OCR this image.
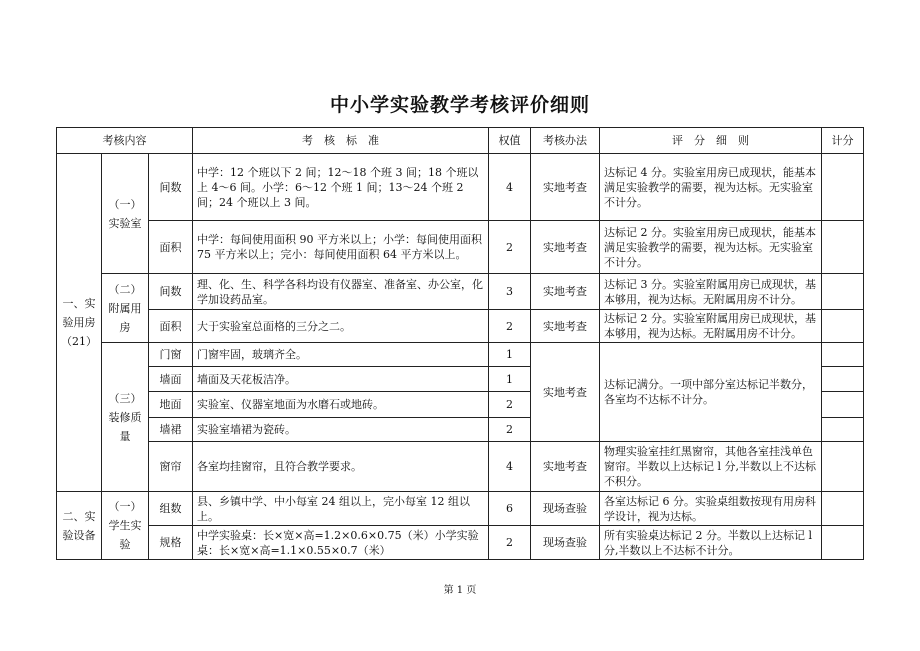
中小学实验教学考核评价细则
考核内容			考　核　标　准	权值	考核办法	评　分　细　则	计分
一、实验用房（21）	（一）实验室	间数	中学：12 个班以下 2 间；12～18 个班 3 间；18 个班以上 4～6 间。小学：6～12 个班 1 间；13～24 个班 2 间；24 个班以上 3 间。	4	实地考查	达标记 4 分。实验室用房已成现状，能基本满足实验教学的需要，视为达标。无实验室不计分。	
		面积	中学：每间使用面积 90 平方米以上；小学：每间使用面积 75 平方米以上；完小：每间使用面积 64 平方米以上。	2	实地考查	达标记 2 分。实验室用房已成现状，能基本满足实验教学的需要，视为达标。无实验室不计分。	
	（二）附属用房	间数	理、化、生、科学各科均设有仪器室、准备室、办公室，化学加设药品室。	3	实地考查	达标记 3 分。实验室附属用房已成现状，基本够用，视为达标。无附属用房不计分。	
		面积	大于实验室总面格的三分之二。	2	实地考查	达标记 2 分。实验室附属用房已成现状，基本够用，视为达标。无附属用房不计分。	
	（三）装修质量	门窗	门窗牢固，玻璃齐全。	1	实地考查	达标记满分。一项中部分室达标记半数分，各室均不达标不计分。	
		墙面	墙面及天花板洁净。	1			
		地面	实验室、仪器室地面为水磨石或地砖。	2			
		墙裙	实验室墙裙为瓷砖。	2			
		窗帘	各室均挂窗帘，且符合教学要求。	4	实地考查	物理实验室挂红黑窗帘，其他各室挂浅单色窗帘。半数以上达标记 l 分,半数以上不达标不积分。	
二、实验设备	（一）学生实验	组数	县、乡镇中学、中小每室 24 组以上，完小每室 12 组以上。	6	现场查验	各室达标记 6 分。实验桌组数按现有用房科学设计，视为达标。	
		规格	中学实验桌：长×宽×高=1.2×0.6×0.75（米）小学实验桌：长×宽×高=1.1×0.55×0.7（米）	2	现场查验	所有实验桌达标记 2 分。半数以上达标记 l 分,半数以上不达标不计分。	
第 1 页
